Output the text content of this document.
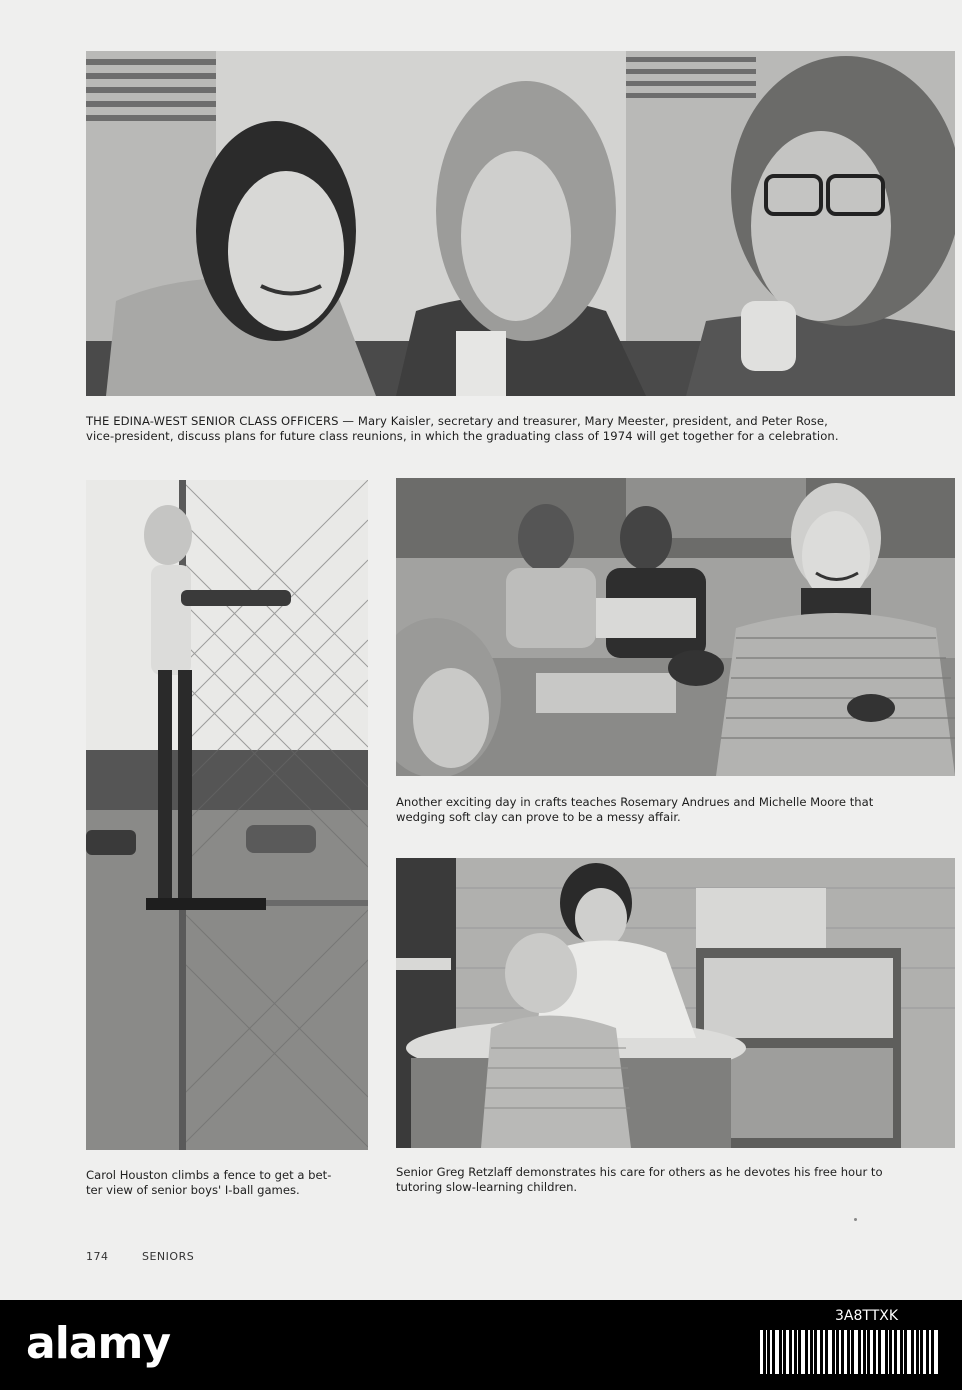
THE EDINA-WEST SENIOR CLASS OFFICERS — Mary Kaisler, secretary and treasurer, Mary Meester, president, and Peter Rose,
vice-president, discuss plans for future class reunions, in which the graduating class of 1974 will get together for a celebration.
Carol Houston climbs a fence to get a bet-
ter view of senior boys' I-ball games.
Another exciting day in crafts teaches Rosemary Andrues and Michelle Moore that
wedging soft clay can prove to be a messy affair.
Senior Greg Retzlaff demonstrates his care for others as he devotes his free hour to
tutoring slow-learning children.
174	SENIORS
alamy
3A8TTXK
